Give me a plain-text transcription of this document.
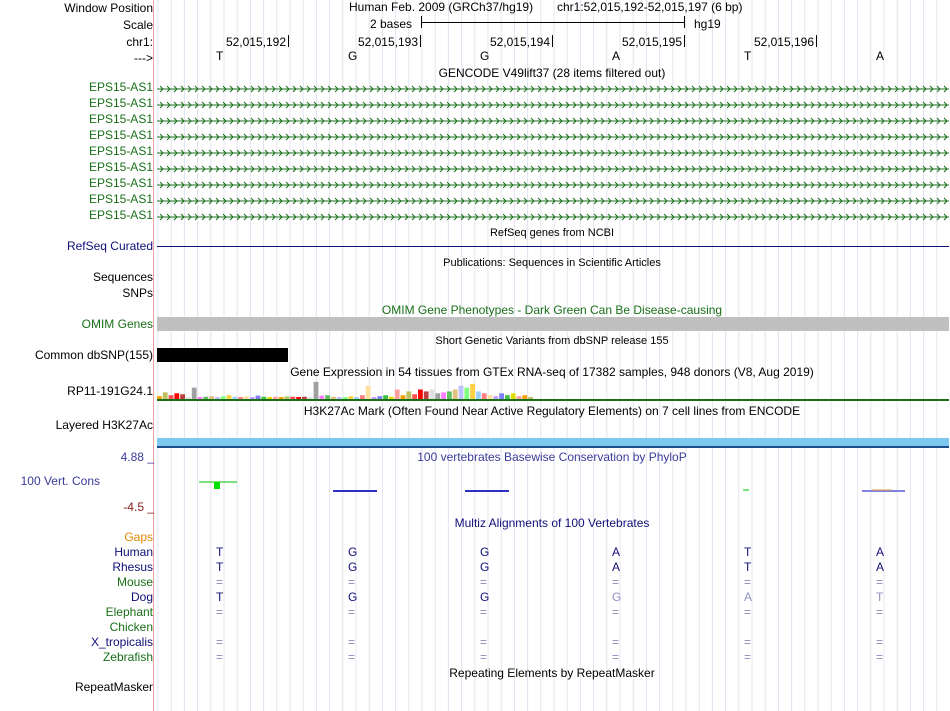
Window Position	Human Feb. 2009 (GRCh37/hg19) chr1:52,015,192-52,015,197 (6 bp)
Scale	2 bases	hg19
chr1:	52,015,192	52,015,193	52,015,194	52,015,195	52,015,196
--->	T	G	G	A	T	A
GENCODE V49lift37 (28 items filtered out)
EPS15-AS1
EPS15-AS1
EPS15-AS1
EPS15-AS1
EPS15-AS1
EPS15-AS1
EPS15-AS1
EPS15-AS1
EPS15-AS1
RefSeq genes from NCBI
RefSeq Curated
Publications: Sequences in Scientific Articles
Sequences
SNPs
OMIM Gene Phenotypes - Dark Green Can Be Disease-causing
OMIM Genes
Short Genetic Variants from dbSNP release 155
Common dbSNP(155)
Gene Expression in 54 tissues from GTEx RNA-seq of 17382 samples, 948 donors (V8, Aug 2019)
RP11-191G24.1
H3K27Ac Mark (Often Found Near Active Regulatory Elements) on 7 cell lines from ENCODE
Layered H3K27Ac
4.88 _	100 vertebrates Basewise Conservation by PhyloP
100 Vert. Cons
-4.5 _
Multiz Alignments of 100 Vertebrates
Gaps
Human	T	G	G	A	T	A
Rhesus	T	G	G	A	T	A
Mouse	=	=	=	=	=	=
Dog	T	G	G	G	A	T
Elephant	=	=	=	=	=	=
Chicken
X_tropicalis	=	=	=	=	=	=
Zebrafish	=	=	=	=	=	=
Repeating Elements by RepeatMasker
RepeatMasker
